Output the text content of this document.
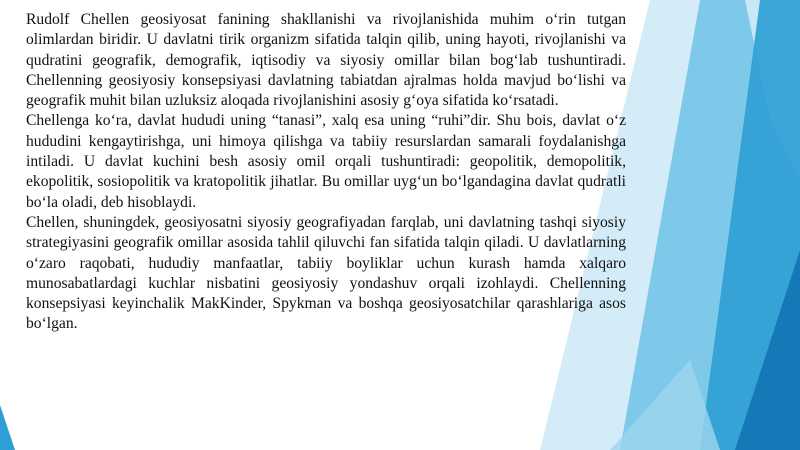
Rudolf Chellen geosiyosat fanining shakllanishi va rivojlanishida muhim oʻrin tutgan olimlardan biridir. U davlatni tirik organizm sifatida talqin qilib, uning hayoti, rivojlanishi va qudratini geografik, demografik, iqtisodiy va siyosiy omillar bilan bogʻlab tushuntiradi. Chellenning geosiyosiy konsepsiyasi davlatning tabiatdan ajralmas holda mavjud boʻlishi va geografik muhit bilan uzluksiz aloqada rivojlanishini asosiy gʻoya sifatida koʻrsatadi.

Chellenga koʻra, davlat hududi uning “tanasi”, xalq esa uning “ruhi”dir. Shu bois, davlat oʻz hududini kengaytirishga, uni himoya qilishga va tabiiy resurslardan samarali foydalanishga intiladi. U davlat kuchini besh asosiy omil orqali tushuntiradi: geopolitik, demopolitik, ekopolitik, sosiopolitik va kratopolitik jihatlar. Bu omillar uygʻun boʻlgandagina davlat qudratli boʻla oladi, deb hisoblaydi.

Chellen, shuningdek, geosiyosatni siyosiy geografiyadan farqlab, uni davlatning tashqi siyosiy strategiyasini geografik omillar asosida tahlil qiluvchi fan sifatida talqin qiladi. U davlatlarning oʻzaro raqobati, hududiy manfaatlar, tabiiy boyliklar uchun kurash hamda xalqaro munosabatlardagi kuchlar nisbatini geosiyosiy yondashuv orqali izohlaydi. Chellenning konsepsiyasi keyinchalik MakKinder, Spykman va boshqa geosiyosatchilar qarashlariga asos boʻlgan.
